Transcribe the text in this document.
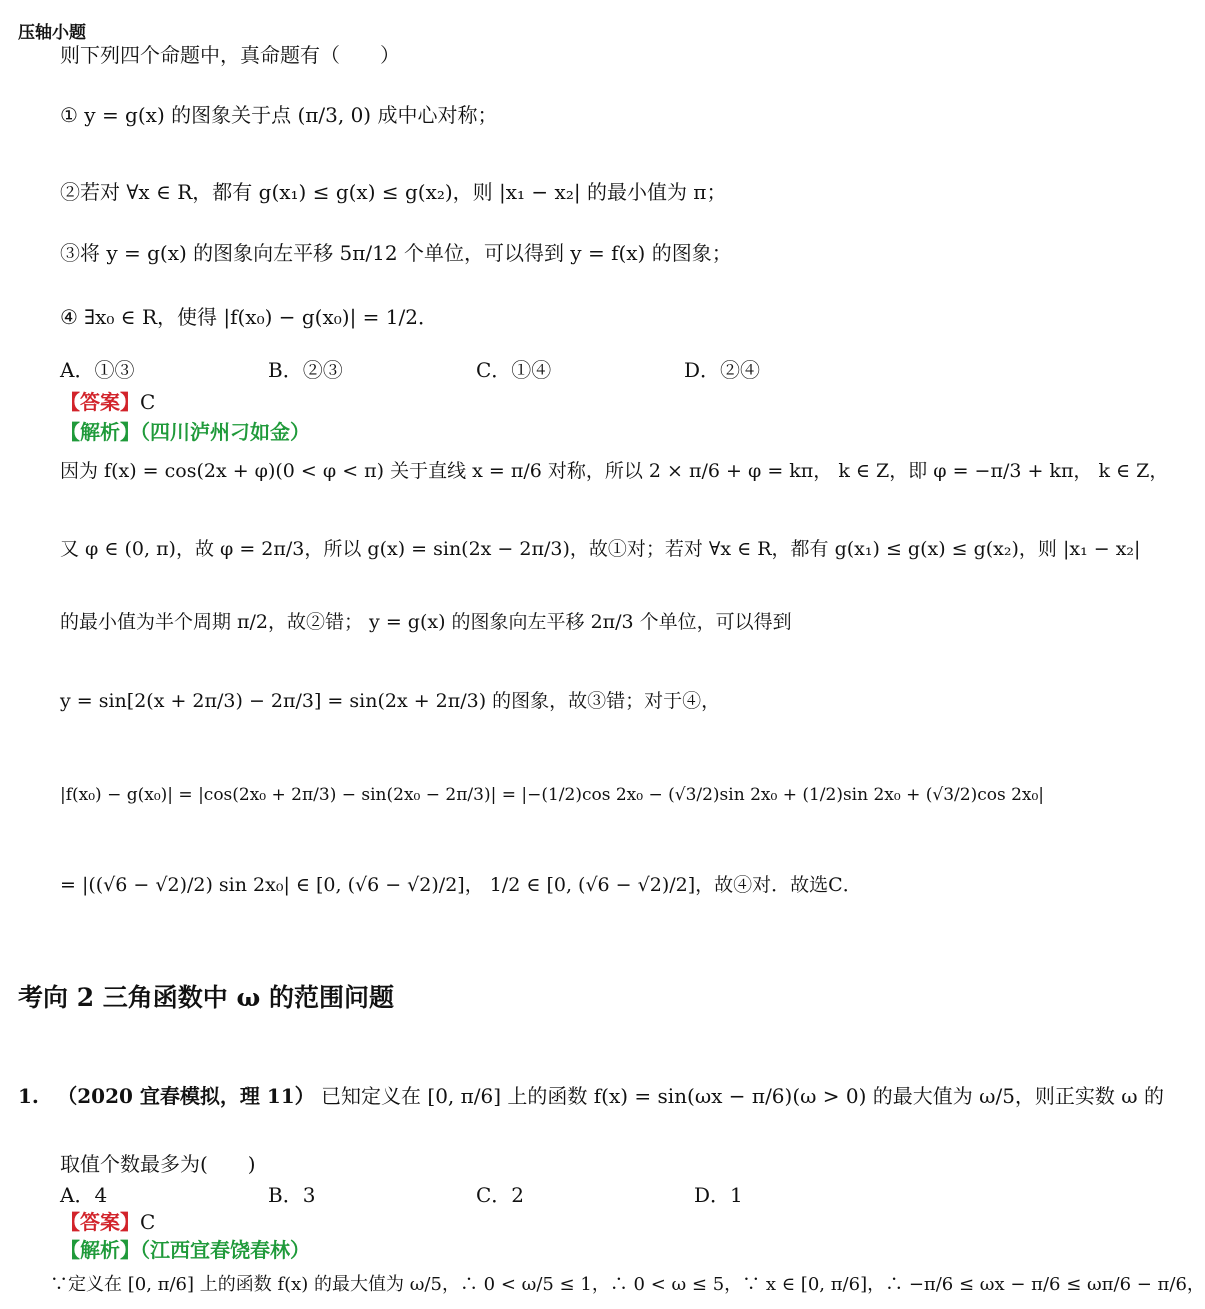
压轴小题
则下列四个命题中，真命题有（　　）
① y = g(x) 的图象关于点 (π/3, 0) 成中心对称；
②若对 ∀x ∈ R，都有 g(x₁) ≤ g(x) ≤ g(x₂)，则 |x₁ − x₂| 的最小值为 π；
③将 y = g(x) 的图象向左平移 5π/12 个单位，可以得到 y = f(x) 的图象；
④ ∃x₀ ∈ R，使得 |f(x₀) − g(x₀)| = 1/2．
A．①③	B．②③	C．①④	D．②④
【答案】C
【解析】（四川泸州刁如金）
因为 f(x) = cos(2x + φ)(0 < φ < π) 关于直线 x = π/6 对称，所以 2 × π/6 + φ = kπ， k ∈ Z，即 φ = −π/3 + kπ， k ∈ Z，
又 φ ∈ (0, π)，故 φ = 2π/3，所以 g(x) = sin(2x − 2π/3)，故①对；若对 ∀x ∈ R，都有 g(x₁) ≤ g(x) ≤ g(x₂)，则 |x₁ − x₂|
的最小值为半个周期 π/2，故②错； y = g(x) 的图象向左平移 2π/3 个单位，可以得到
y = sin[2(x + 2π/3) − 2π/3] = sin(2x + 2π/3) 的图象，故③错；对于④，
|f(x₀) − g(x₀)| = |cos(2x₀ + 2π/3) − sin(2x₀ − 2π/3)| = |−(1/2)cos 2x₀ − (√3/2)sin 2x₀ + (1/2)sin 2x₀ + (√3/2)cos 2x₀|
= |((√6 − √2)/2) sin 2x₀| ∈ [0, (√6 − √2)/2]， 1/2 ∈ [0, (√6 − √2)/2]，故④对．故选C．
考向 2 三角函数中 ω 的范围问题
1. （2020 宜春模拟，理 11） 已知定义在 [0, π/6] 上的函数 f(x) = sin(ωx − π/6)(ω > 0) 的最大值为 ω/5，则正实数 ω 的
取值个数最多为(　　)
A．4	B．3	C．2	D．1
【答案】C
【解析】（江西宜春饶春林）
∵定义在 [0, π/6] 上的函数 f(x) 的最大值为 ω/5，∴ 0 < ω/5 ≤ 1，∴ 0 < ω ≤ 5，∵ x ∈ [0, π/6]，∴ −π/6 ≤ ωx − π/6 ≤ ωπ/6 − π/6，
